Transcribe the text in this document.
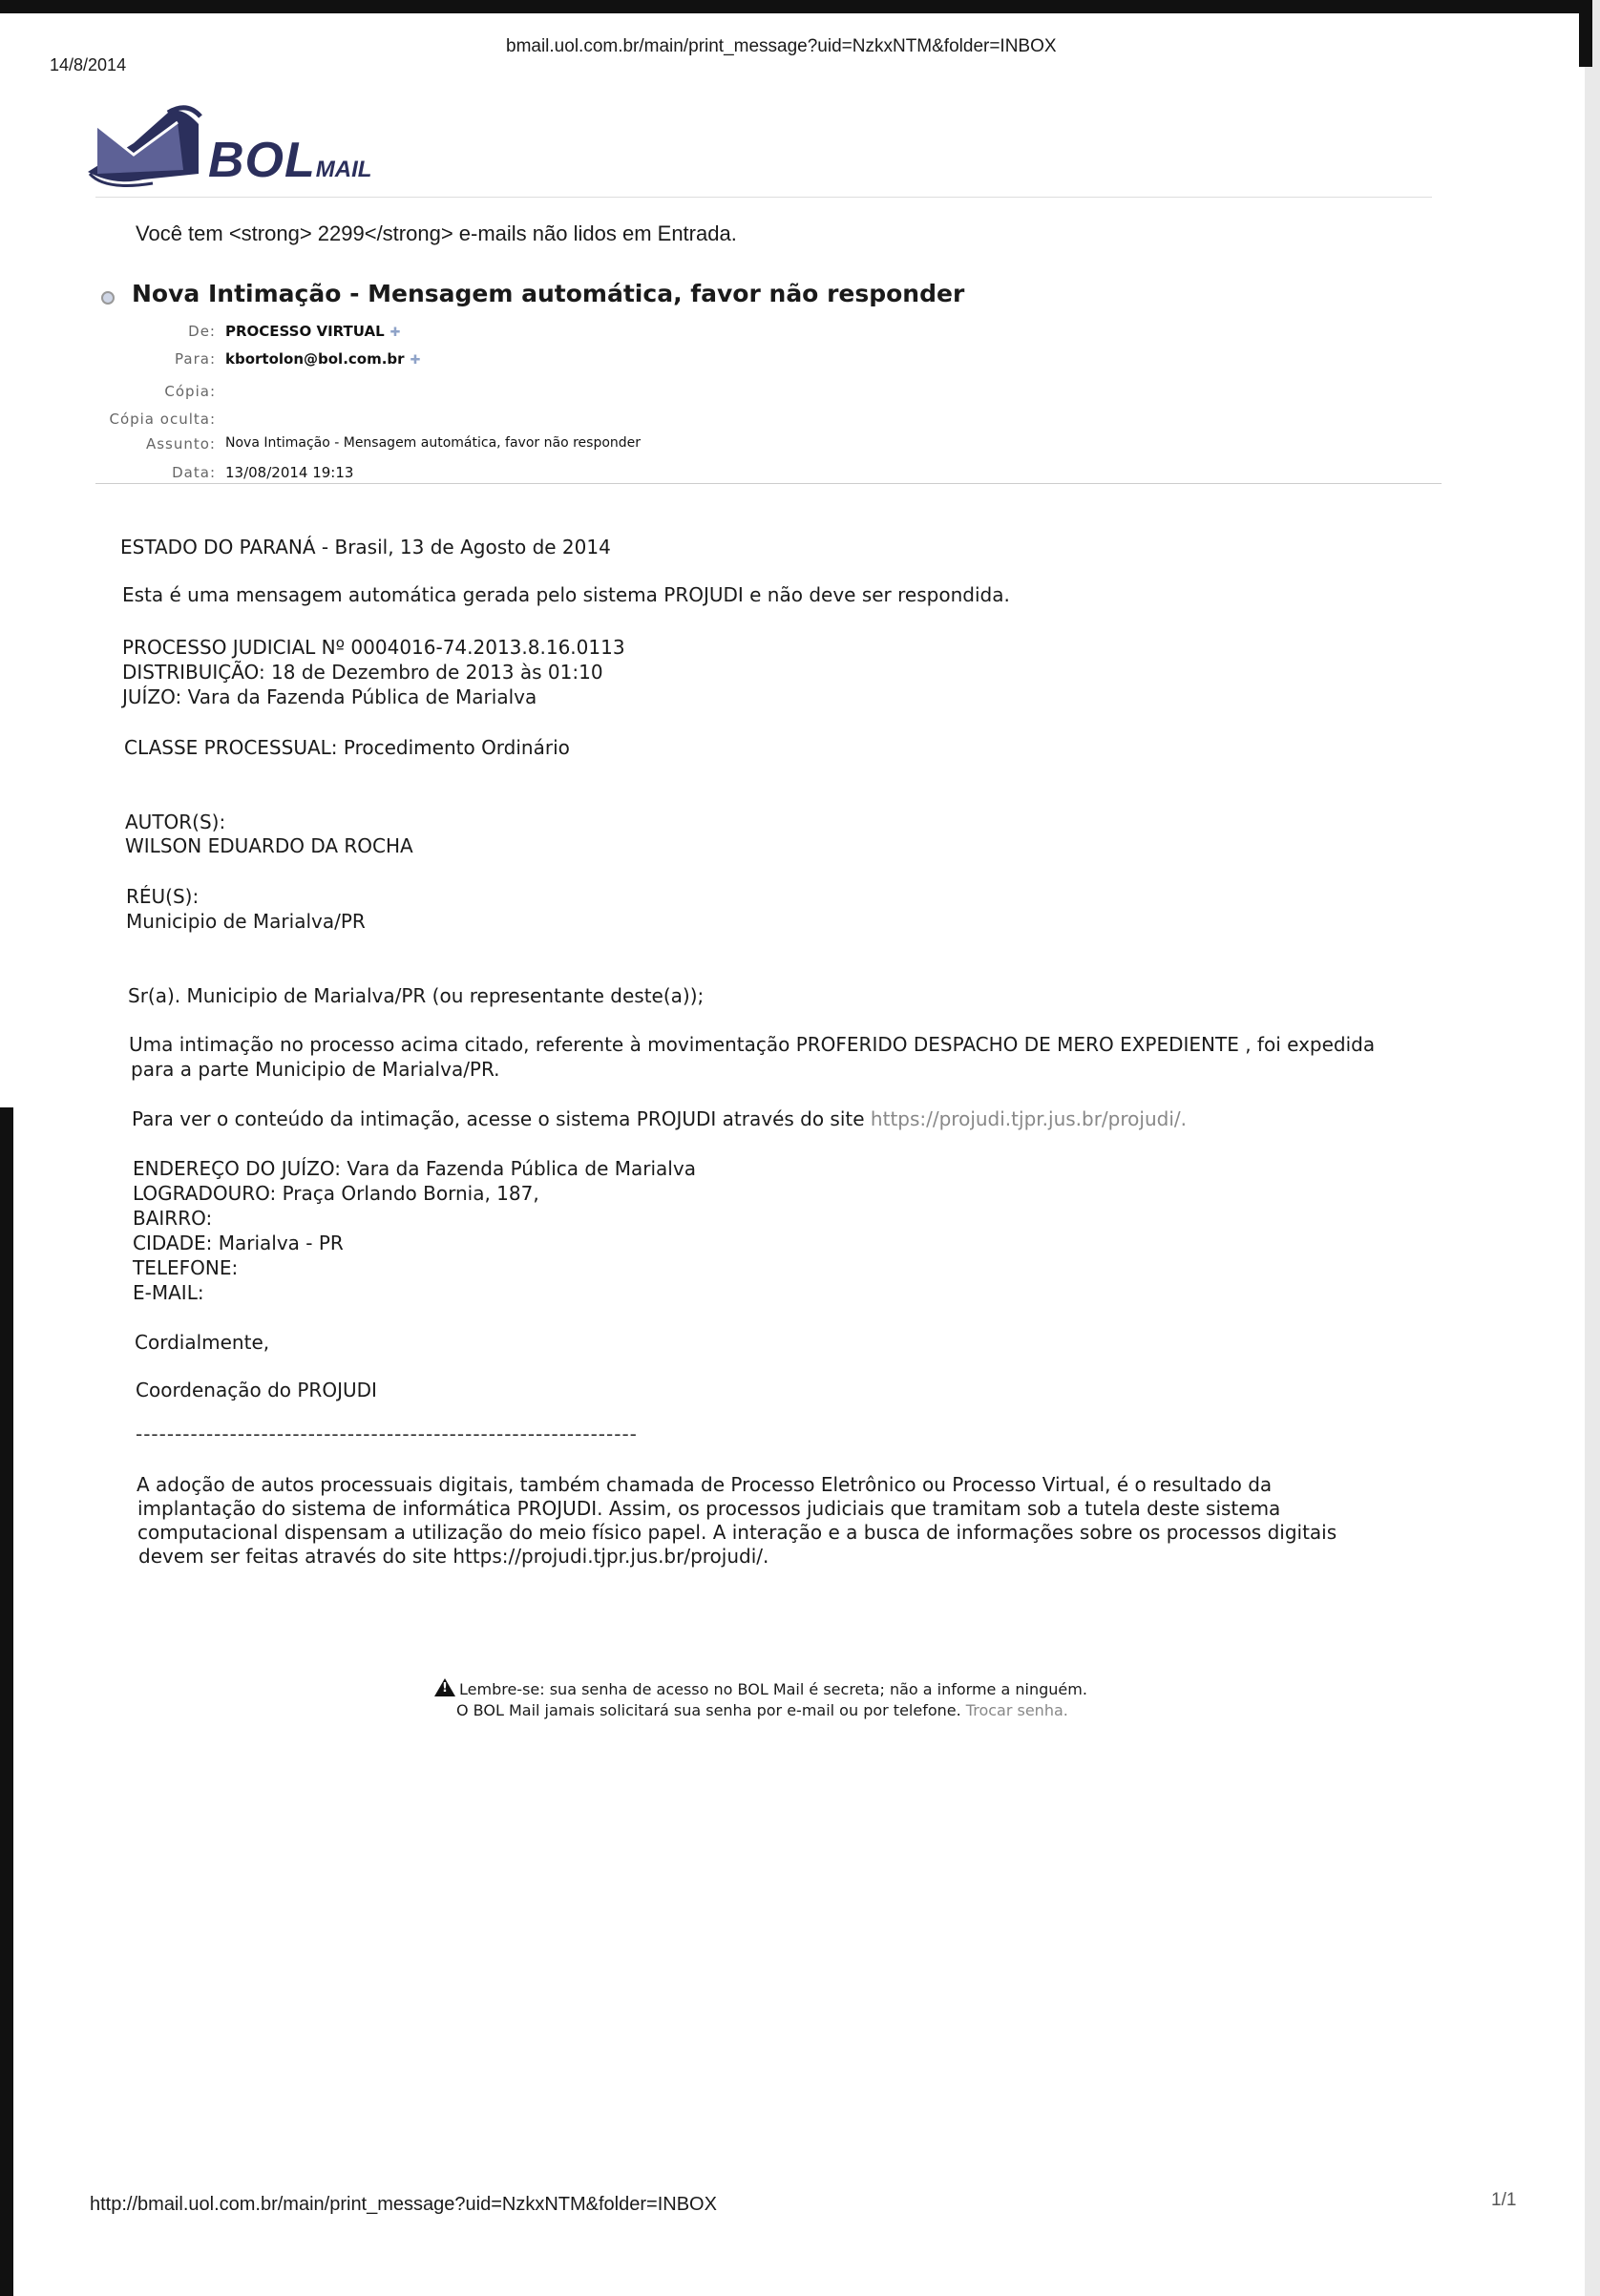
14/8/2014
bmail.uol.com.br/main/print_message?uid=NzkxNTM&folder=INBOX
BOLMAIL
Você tem <strong> 2299</strong> e-mails não lidos em Entrada.
Nova Intimação - Mensagem automática, favor não responder
De: PROCESSO VIRTUAL ✚
Para: kbortolon@bol.com.br ✚
Cópia:
Cópia oculta:
Assunto: Nova Intimação - Mensagem automática, favor não responder
Data: 13/08/2014 19:13
ESTADO DO PARANÁ - Brasil, 13 de Agosto de 2014
Esta é uma mensagem automática gerada pelo sistema PROJUDI e não deve ser respondida.
PROCESSO JUDICIAL Nº 0004016-74.2013.8.16.0113
DISTRIBUIÇÃO: 18 de Dezembro de 2013 às 01:10
JUÍZO: Vara da Fazenda Pública de Marialva
CLASSE PROCESSUAL: Procedimento Ordinário
AUTOR(S):
WILSON EDUARDO DA ROCHA
RÉU(S):
Municipio de Marialva/PR
Sr(a). Municipio de Marialva/PR (ou representante deste(a));
Uma intimação no processo acima citado, referente à movimentação PROFERIDO DESPACHO DE MERO EXPEDIENTE , foi expedida
para a parte Municipio de Marialva/PR.
Para ver o conteúdo da intimação, acesse o sistema PROJUDI através do site https://projudi.tjpr.jus.br/projudi/.
ENDEREÇO DO JUÍZO: Vara da Fazenda Pública de Marialva
LOGRADOURO: Praça Orlando Bornia, 187,
BAIRRO:
CIDADE: Marialva - PR
TELEFONE:
E-MAIL:
Cordialmente,
Coordenação do PROJUDI
----------------------------------------------------------------
A adoção de autos processuais digitais, também chamada de Processo Eletrônico ou Processo Virtual, é o resultado da
implantação do sistema de informática PROJUDI. Assim, os processos judiciais que tramitam sob a tutela deste sistema
computacional dispensam a utilização do meio físico papel. A interação e a busca de informações sobre os processos digitais
devem ser feitas através do site https://projudi.tjpr.jus.br/projudi/.
!Lembre-se: sua senha de acesso no BOL Mail é secreta; não a informe a ninguém.
O BOL Mail jamais solicitará sua senha por e-mail ou por telefone. Trocar senha.
http://bmail.uol.com.br/main/print_message?uid=NzkxNTM&folder=INBOX	1/1
